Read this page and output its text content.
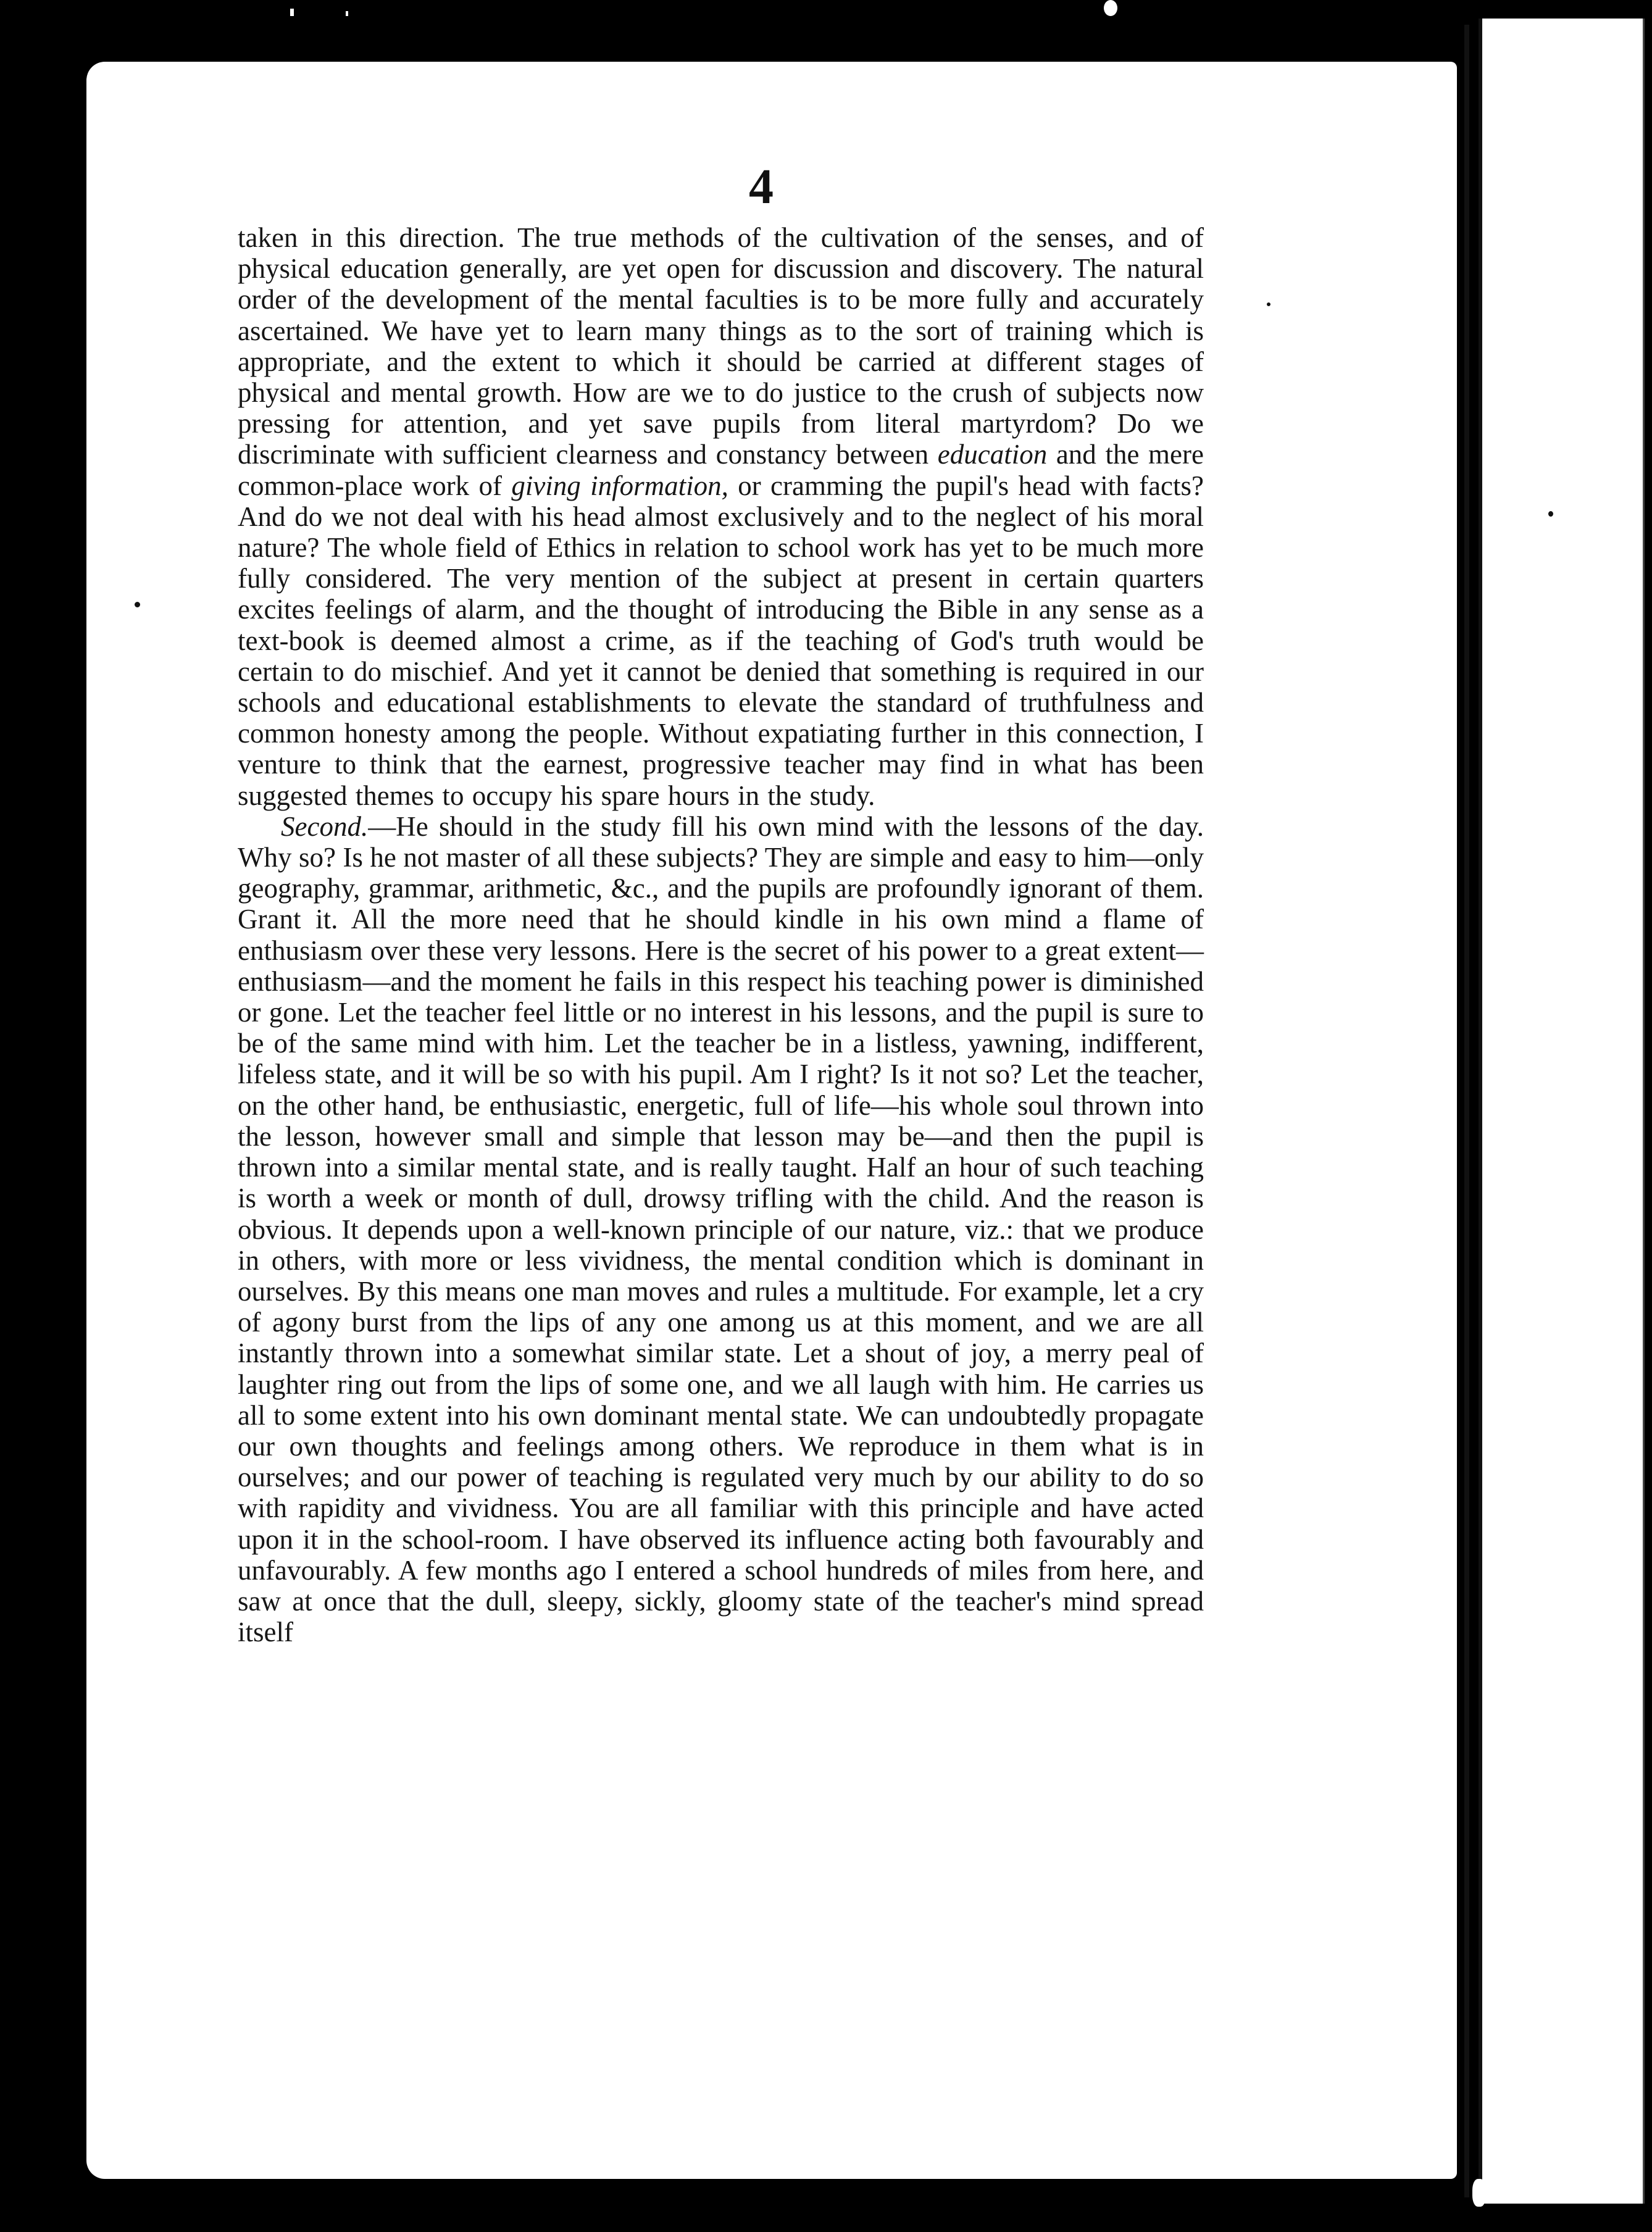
4

taken in this direction. The true methods of the cultivation of the senses, and of physical education generally, are yet open for discussion and discovery. The natural order of the development of the mental faculties is to be more fully and accurately ascertained. We have yet to learn many things as to the sort of training which is appropriate, and the extent to which it should be carried at different stages of physical and mental growth. How are we to do justice to the crush of subjects now pressing for attention, and yet save pupils from literal martyrdom? Do we discriminate with sufficient clearness and constancy between education and the mere common-place work of giving information, or cramming the pupil's head with facts? And do we not deal with his head almost exclusively and to the neglect of his moral nature? The whole field of Ethics in relation to school work has yet to be much more fully considered. The very mention of the subject at present in certain quarters excites feelings of alarm, and the thought of introducing the Bible in any sense as a text-book is deemed almost a crime, as if the teaching of God's truth would be certain to do mischief. And yet it cannot be denied that something is required in our schools and educational establishments to elevate the standard of truthfulness and common honesty among the people. Without expatiating further in this connection, I venture to think that the earnest, progressive teacher may find in what has been suggested themes to occupy his spare hours in the study.

Second.—He should in the study fill his own mind with the lessons of the day. Why so? Is he not master of all these subjects? They are simple and easy to him—only geography, grammar, arithmetic, &c., and the pupils are profoundly ignorant of them. Grant it. All the more need that he should kindle in his own mind a flame of enthusiasm over these very lessons. Here is the secret of his power to a great extent—enthusiasm—and the moment he fails in this respect his teaching power is diminished or gone. Let the teacher feel little or no interest in his lessons, and the pupil is sure to be of the same mind with him. Let the teacher be in a listless, yawning, indifferent, lifeless state, and it will be so with his pupil. Am I right? Is it not so? Let the teacher, on the other hand, be enthusiastic, energetic, full of life—his whole soul thrown into the lesson, however small and simple that lesson may be—and then the pupil is thrown into a similar mental state, and is really taught. Half an hour of such teaching is worth a week or month of dull, drowsy trifling with the child. And the reason is obvious. It depends upon a well-known principle of our nature, viz.: that we produce in others, with more or less vividness, the mental condition which is dominant in ourselves. By this means one man moves and rules a multitude. For example, let a cry of agony burst from the lips of any one among us at this moment, and we are all instantly thrown into a somewhat similar state. Let a shout of joy, a merry peal of laughter ring out from the lips of some one, and we all laugh with him. He carries us all to some extent into his own dominant mental state. We can undoubtedly propagate our own thoughts and feelings among others. We reproduce in them what is in ourselves; and our power of teaching is regulated very much by our ability to do so with rapidity and vividness. You are all familiar with this principle and have acted upon it in the school-room. I have observed its influence acting both favourably and unfavourably. A few months ago I entered a school hundreds of miles from here, and saw at once that the dull, sleepy, sickly, gloomy state of the teacher's mind spread itself
